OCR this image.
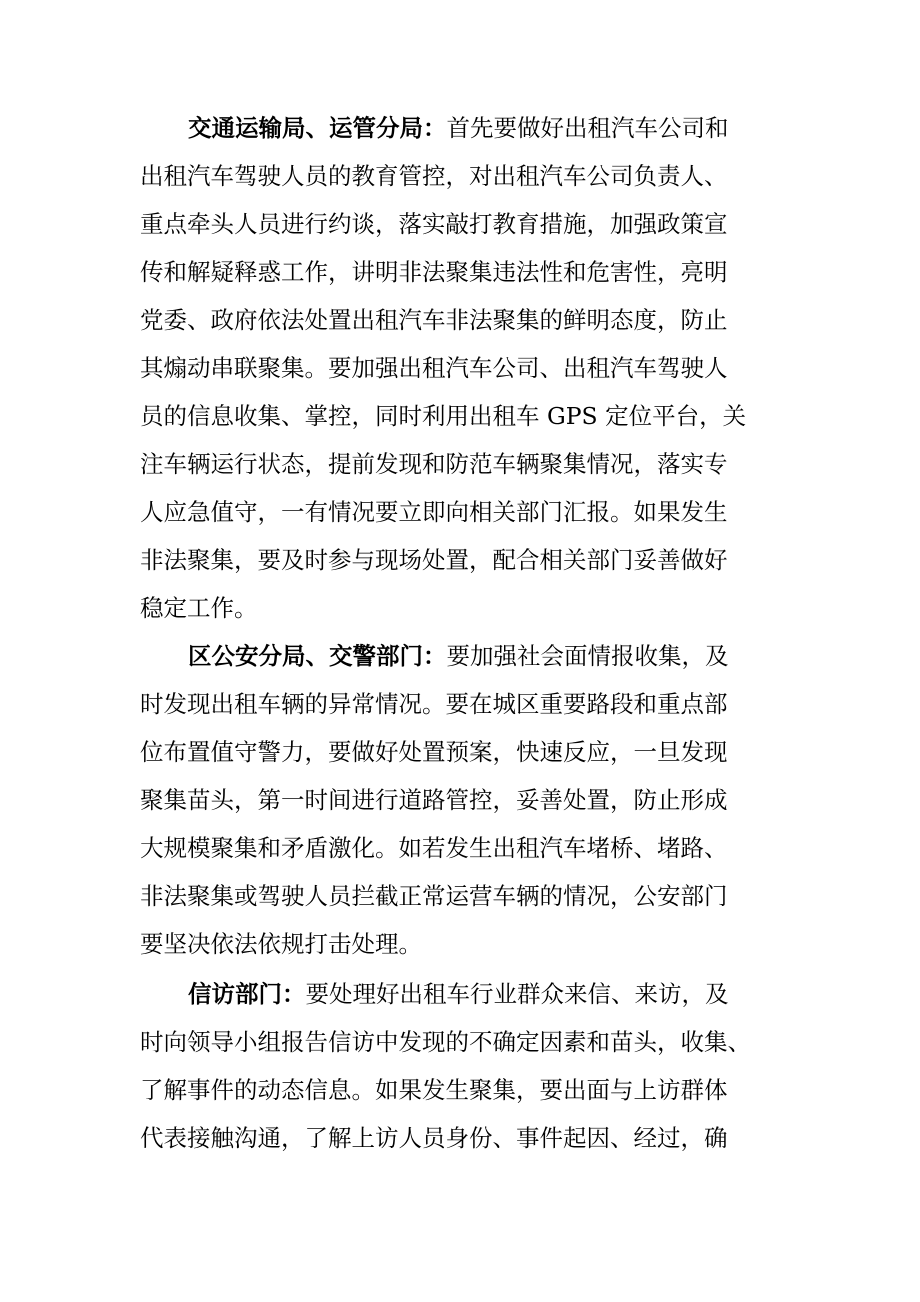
交通运输局、运管分局：首先要做好出租汽车公司和
出租汽车驾驶人员的教育管控，对出租汽车公司负责人、
重点牵头人员进行约谈，落实敲打教育措施，加强政策宣
传和解疑释惑工作，讲明非法聚集违法性和危害性，亮明
党委、政府依法处置出租汽车非法聚集的鲜明态度，防止
其煽动串联聚集。要加强出租汽车公司、出租汽车驾驶人
员的信息收集、掌控，同时利用出租车 GPS 定位平台，关
注车辆运行状态，提前发现和防范车辆聚集情况，落实专
人应急值守，一有情况要立即向相关部门汇报。如果发生
非法聚集，要及时参与现场处置，配合相关部门妥善做好
稳定工作。
区公安分局、交警部门：要加强社会面情报收集，及
时发现出租车辆的异常情况。要在城区重要路段和重点部
位布置值守警力，要做好处置预案，快速反应，一旦发现
聚集苗头，第一时间进行道路管控，妥善处置，防止形成
大规模聚集和矛盾激化。如若发生出租汽车堵桥、堵路、
非法聚集或驾驶人员拦截正常运营车辆的情况，公安部门
要坚决依法依规打击处理。
信访部门：要处理好出租车行业群众来信、来访，及
时向领导小组报告信访中发现的不确定因素和苗头，收集、
了解事件的动态信息。如果发生聚集，要出面与上访群体
代表接触沟通，了解上访人员身份、事件起因、经过，确
